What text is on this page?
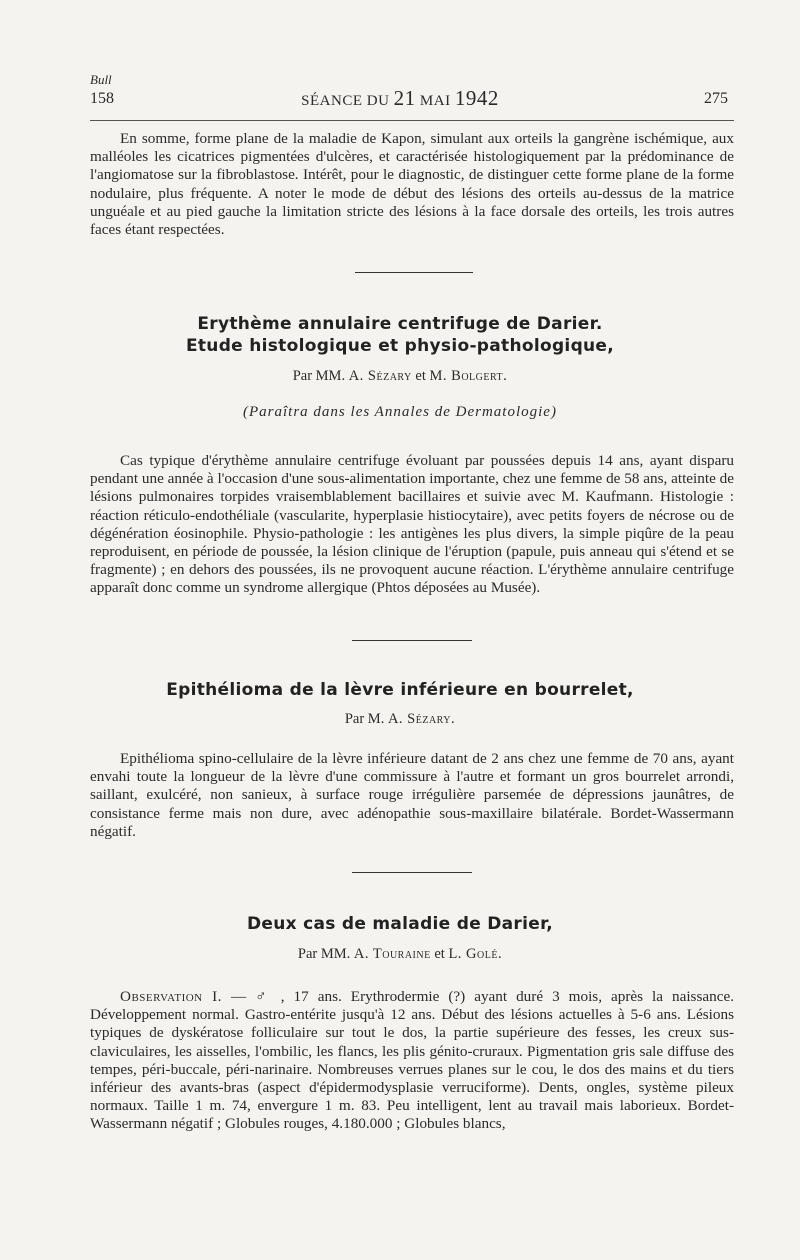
Bull
158	SÉANCE DU 21 MAI 1942	275
En somme, forme plane de la maladie de Kapon, simulant aux orteils la gangrène ischémique, aux malléoles les cicatrices pigmentées d'ulcères, et caractérisée histologiquement par la prédominance de l'angiomatose sur la fibroblastose. Intérêt, pour le diagnostic, de distinguer cette forme plane de la forme nodulaire, plus fréquente. A noter le mode de début des lésions des orteils au-dessus de la matrice unguéale et au pied gauche la limitation stricte des lésions à la face dorsale des orteils, les trois autres faces étant respectées.
Erythème annulaire centrifuge de Darier.
Etude histologique et physio-pathologique,
Par MM. A. Sézary et M. Bolgert.
(Paraîtra dans les Annales de Dermatologie)
Cas typique d'érythème annulaire centrifuge évoluant par poussées depuis 14 ans, ayant disparu pendant une année à l'occasion d'une sous-alimentation importante, chez une femme de 58 ans, atteinte de lésions pulmonaires torpides vraisemblablement bacillaires et suivie avec M. Kaufmann. Histologie : réaction réticulo-endothéliale (vascularite, hyperplasie histiocytaire), avec petits foyers de nécrose ou de dégénération éosinophile. Physio-pathologie : les antigènes les plus divers, la simple piqûre de la peau reproduisent, en période de poussée, la lésion clinique de l'éruption (papule, puis anneau qui s'étend et se fragmente) ; en dehors des poussées, ils ne provoquent aucune réaction. L'érythème annulaire centrifuge apparaît donc comme un syndrome allergique (Phtos déposées au Musée).
Epithélioma de la lèvre inférieure en bourrelet,
Par M. A. Sézary.
Epithélioma spino-cellulaire de la lèvre inférieure datant de 2 ans chez une femme de 70 ans, ayant envahi toute la longueur de la lèvre d'une commissure à l'autre et formant un gros bourrelet arrondi, saillant, exulcéré, non sanieux, à surface rouge irrégulière parsemée de dépressions jaunâtres, de consistance ferme mais non dure, avec adénopathie sous-maxillaire bilatérale. Bordet-Wassermann négatif.
Deux cas de maladie de Darier,
Par MM. A. Touraine et L. Golé.
Observation I. — ♂ , 17 ans. Erythrodermie (?) ayant duré 3 mois, après la naissance. Développement normal. Gastro-entérite jusqu'à 12 ans. Début des lésions actuelles à 5-6 ans. Lésions typiques de dyskératose folliculaire sur tout le dos, la partie supérieure des fesses, les creux sus-claviculaires, les aisselles, l'ombilic, les flancs, les plis génito-cruraux. Pigmentation gris sale diffuse des tempes, péri-buccale, péri-narinaire. Nombreuses verrues planes sur le cou, le dos des mains et du tiers inférieur des avants-bras (aspect d'épidermodysplasie verruciforme). Dents, ongles, système pileux normaux. Taille 1 m. 74, envergure 1 m. 83. Peu intelligent, lent au travail mais laborieux. Bordet-Wassermann négatif ; Globules rouges, 4.180.000 ; Globules blancs,
